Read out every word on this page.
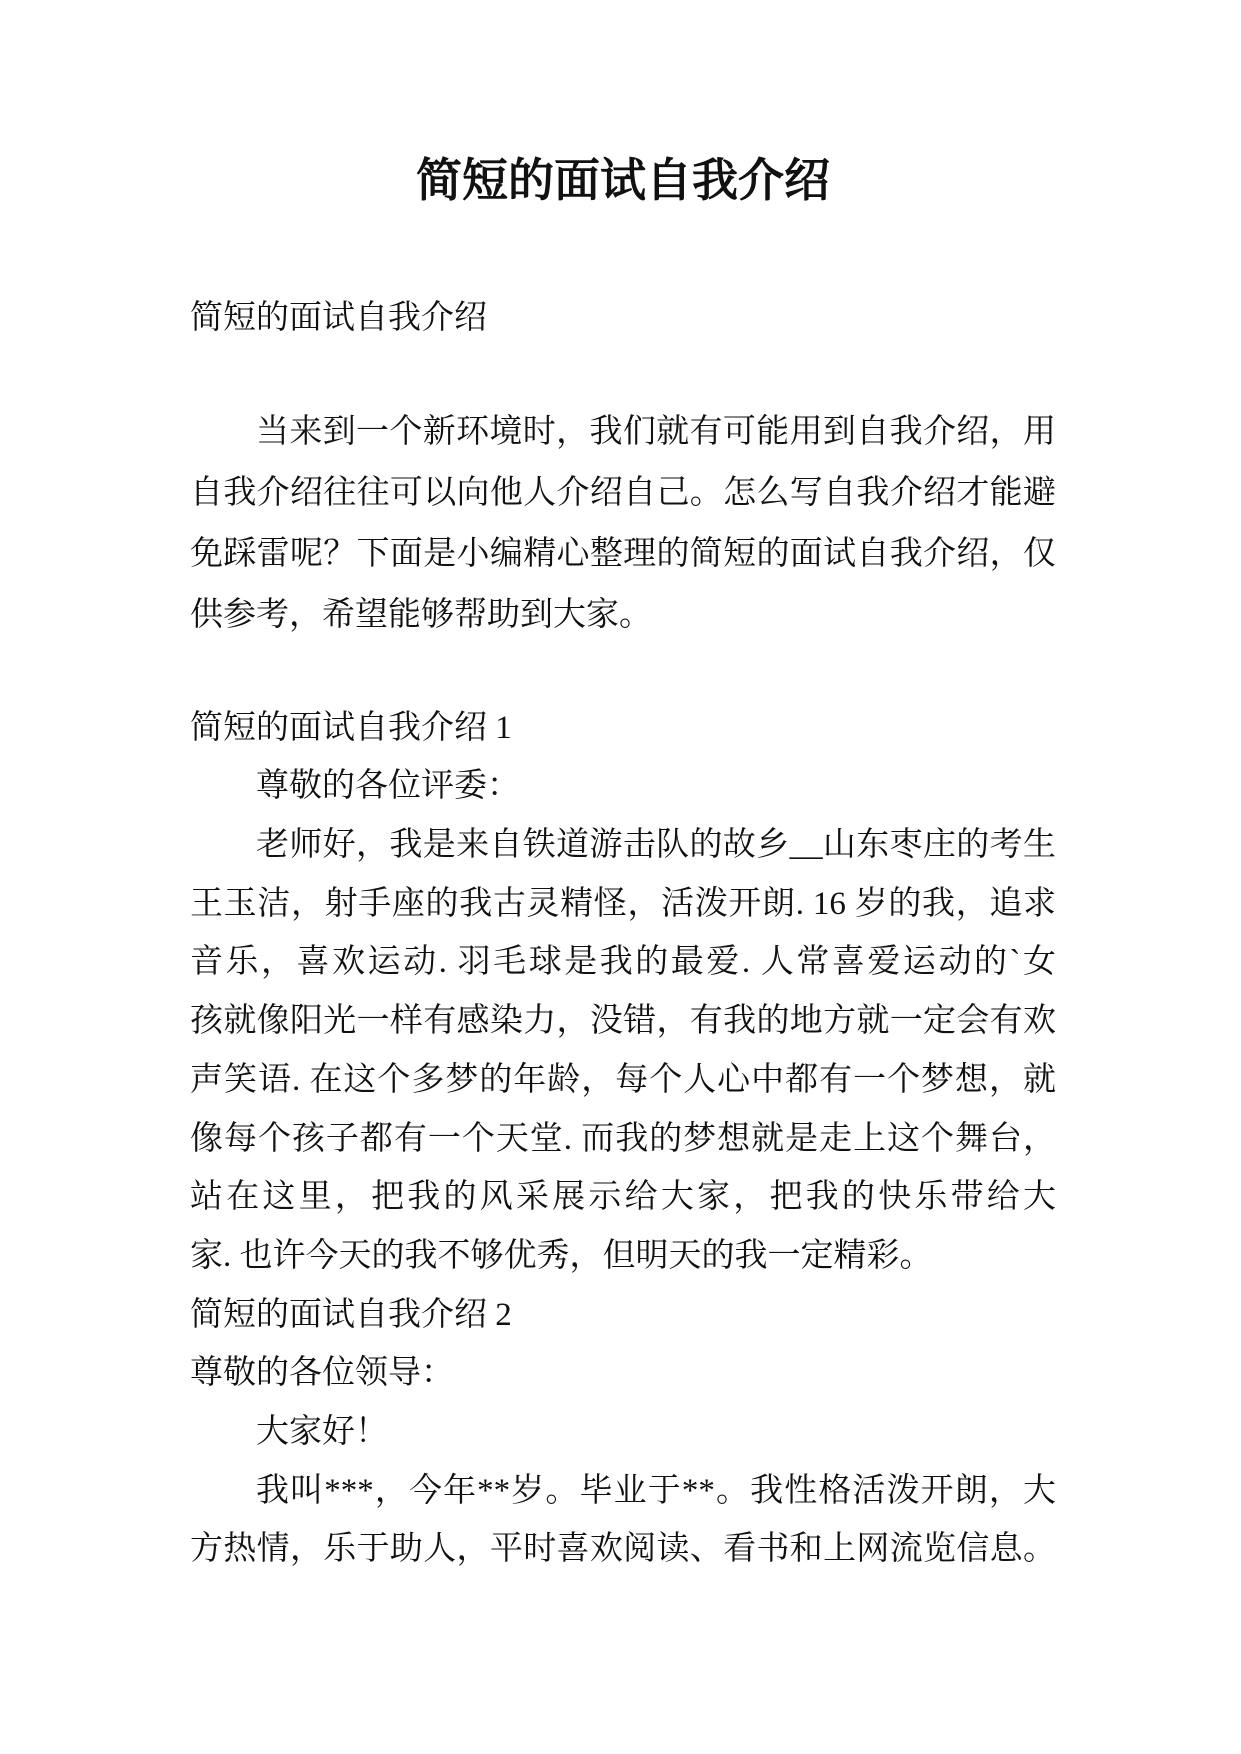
简短的面试自我介绍
简短的面试自我介绍
当来到一个新环境时，我们就有可能用到自我介绍，用
自我介绍往往可以向他人介绍自己。怎么写自我介绍才能避
免踩雷呢？下面是小编精心整理的简短的面试自我介绍，仅
供参考，希望能够帮助到大家。
简短的面试自我介绍 1
尊敬的各位评委：
老师好，我是来自铁道游击队的故乡__山东枣庄的考生
王玉洁，射手座的我古灵精怪，活泼开朗. 16 岁的我，追求
音乐，喜欢运动. 羽毛球是我的最爱. 人常喜爱运动的`女
孩就像阳光一样有感染力，没错，有我的地方就一定会有欢
声笑语. 在这个多梦的年龄，每个人心中都有一个梦想，就
像每个孩子都有一个天堂. 而我的梦想就是走上这个舞台，
站在这里，把我的风采展示给大家，把我的快乐带给大
家. 也许今天的我不够优秀，但明天的我一定精彩。
简短的面试自我介绍 2
尊敬的各位领导：
大家好！
我叫***，今年**岁。毕业于**。我性格活泼开朗，大
方热情，乐于助人，平时喜欢阅读、看书和上网流览信息。
